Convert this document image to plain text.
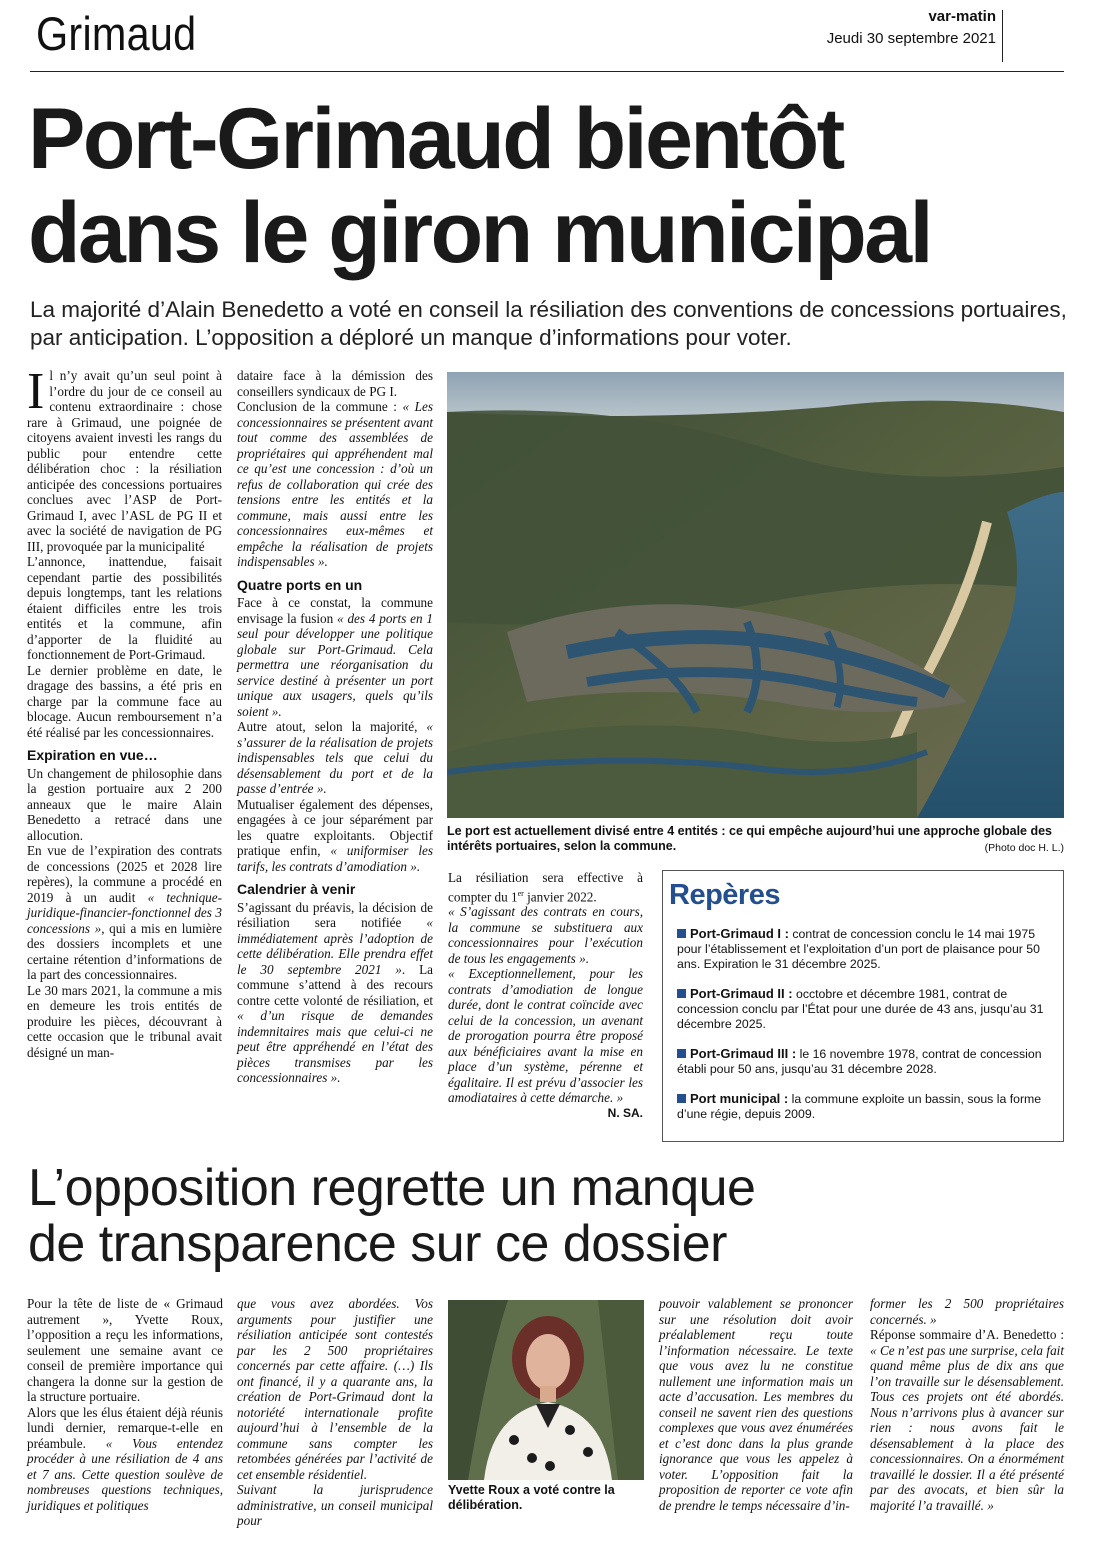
Grimaud	var-matin
Jeudi 30 septembre 2021
Port-Grimaud bientôt
dans le giron municipal
La majorité d’Alain Benedetto a voté en conseil la résiliation des conventions de concessions portuaires, par anticipation. L’opposition a déploré un manque d’informations pour voter.

Il n’y avait qu’un seul point à l’ordre du jour de ce conseil au contenu extraordinaire : chose rare à Grimaud, une poignée de citoyens avaient investi les rangs du public pour entendre cette délibération choc : la résiliation anticipée des concessions portuaires conclues avec l’ASP de Port-Grimaud I, avec l’ASL de PG II et avec la société de navigation de PG III, provoquée par la municipalité

L’annonce, inattendue, faisait cependant partie des possibilités depuis longtemps, tant les relations étaient difficiles entre les trois entités et la commune, afin d’apporter de la fluidité au fonctionnement de Port-Grimaud.

Le dernier problème en date, le dragage des bassins, a été pris en charge par la commune face au blocage. Aucun remboursement n’a été réalisé par les concessionnaires.

Expiration en vue…

Un changement de philosophie dans la gestion portuaire aux 2 200 anneaux que le maire Alain Benedetto a retracé dans une allocution.

En vue de l’expiration des contrats de concessions (2025 et 2028 lire repères), la commune a procédé en 2019 à un audit « technique-juridique-financier-fonctionnel des 3 concessions », qui a mis en lumière des dossiers incomplets et une certaine rétention d’informations de la part des concessionnaires.

Le 30 mars 2021, la commune a mis en demeure les trois entités de produire les pièces, découvrant à cette occasion que le tribunal avait désigné un man-

dataire face à la démission des conseillers syndicaux de PG I.

Conclusion de la commune : « Les concessionnaires se présentent avant tout comme des assemblées de propriétaires qui appréhendent mal ce qu’est une concession : d’où un refus de collaboration qui crée des tensions entre les entités et la commune, mais aussi entre les concessionnaires eux-mêmes et empêche la réalisation de projets indispensables ».

Quatre ports en un

Face à ce constat, la commune envisage la fusion « des 4 ports en 1 seul pour développer une politique globale sur Port-Grimaud. Cela permettra une réorganisation du service destiné à présenter un port unique aux usagers, quels qu’ils soient ».

Autre atout, selon la majorité, « s’assurer de la réalisation de projets indispensables tels que celui du désensablement du port et de la passe d’entrée ».

Mutualiser également des dépenses, engagées à ce jour séparément par les quatre exploitants. Objectif pratique enfin, « uniformiser les tarifs, les contrats d’amodiation ».

Calendrier à venir

S’agissant du préavis, la décision de résiliation sera notifiée « immédiatement après l’adoption de cette délibération. Elle prendra effet le 30 septembre 2021 ». La commune s’attend à des recours contre cette volonté de résiliation, et « d’un risque de demandes indemnitaires mais que celui-ci ne peut être appréhendé en l’état des pièces transmises par les concessionnaires ».

Le port est actuellement divisé entre 4 entités : ce qui empêche aujourd’hui une approche globale des intérêts portuaires, selon la commune.	(Photo doc H. L.)

La résiliation sera effective à compter du 1er janvier 2022.

« S’agissant des contrats en cours, la commune se substituera aux concessionnaires pour l’exécution de tous les engagements ».

« Exceptionnellement, pour les contrats d’amodiation de longue durée, dont le contrat coïncide avec celui de la concession, un avenant de prorogation pourra être proposé aux bénéficiaires avant la mise en place d’un système, pérenne et égalitaire. Il est prévu d’associer les amodiataires à cette démarche. »

N. SA.
Repères
Port-Grimaud I : contrat de concession conclu le 14 mai 1975 pour l’établissement et l’exploitation d’un port de plaisance pour 50 ans. Expiration le 31 décembre 2025.
Port-Grimaud II : occtobre et décembre 1981, contrat de concession conclu par l’État pour une durée de 43 ans, jusqu’au 31 décembre 2025.
Port-Grimaud III : le 16 novembre 1978, contrat de concession établi pour 50 ans, jusqu’au 31 décembre 2028.
Port municipal : la commune exploite un bassin, sous la forme d’une régie, depuis 2009.
L’opposition regrette un manque
de transparence sur ce dossier

Pour la tête de liste de « Grimaud autrement », Yvette Roux, l’opposition a reçu les informations, seulement une semaine avant ce conseil de première importance qui changera la donne sur la gestion de la structure portuaire.

Alors que les élus étaient déjà réunis lundi dernier, remarque-t-elle en préambule. « Vous entendez procéder à une résiliation de 4 ans et 7 ans. Cette question soulève de nombreuses questions techniques, juridiques et politiques

que vous avez abordées. Vos arguments pour justifier une résiliation anticipée sont contestés par les 2 500 propriétaires concernés par cette affaire. (…) Ils ont financé, il y a quarante ans, la création de Port-Grimaud dont la notoriété internationale profite aujourd’hui à l’ensemble de la commune sans compter les retombées générées par l’activité de cet ensemble résidentiel.

Suivant la jurisprudence administrative, un conseil municipal pour

Yvette Roux a voté contre la délibération.

pouvoir valablement se prononcer sur une résolution doit avoir préalablement reçu toute l’information nécessaire. Le texte que vous avez lu ne constitue nullement une information mais un acte d’accusation. Les membres du conseil ne savent rien des questions complexes que vous avez énumérées et c’est donc dans la plus grande ignorance que vous les appelez à voter. L’opposition fait la proposition de reporter ce vote afin de prendre le temps nécessaire d’in-

former les 2 500 propriétaires concernés. »

Réponse sommaire d’A. Benedetto : « Ce n’est pas une surprise, cela fait quand même plus de dix ans que l’on travaille sur le désensablement. Tous ces projets ont été abordés. Nous n’arrivons plus à avancer sur rien : nous avons fait le désensablement à la place des concessionnaires. On a énormément travaillé le dossier. Il a été présenté par des avocats, et bien sûr la majorité l’a travaillé. »
